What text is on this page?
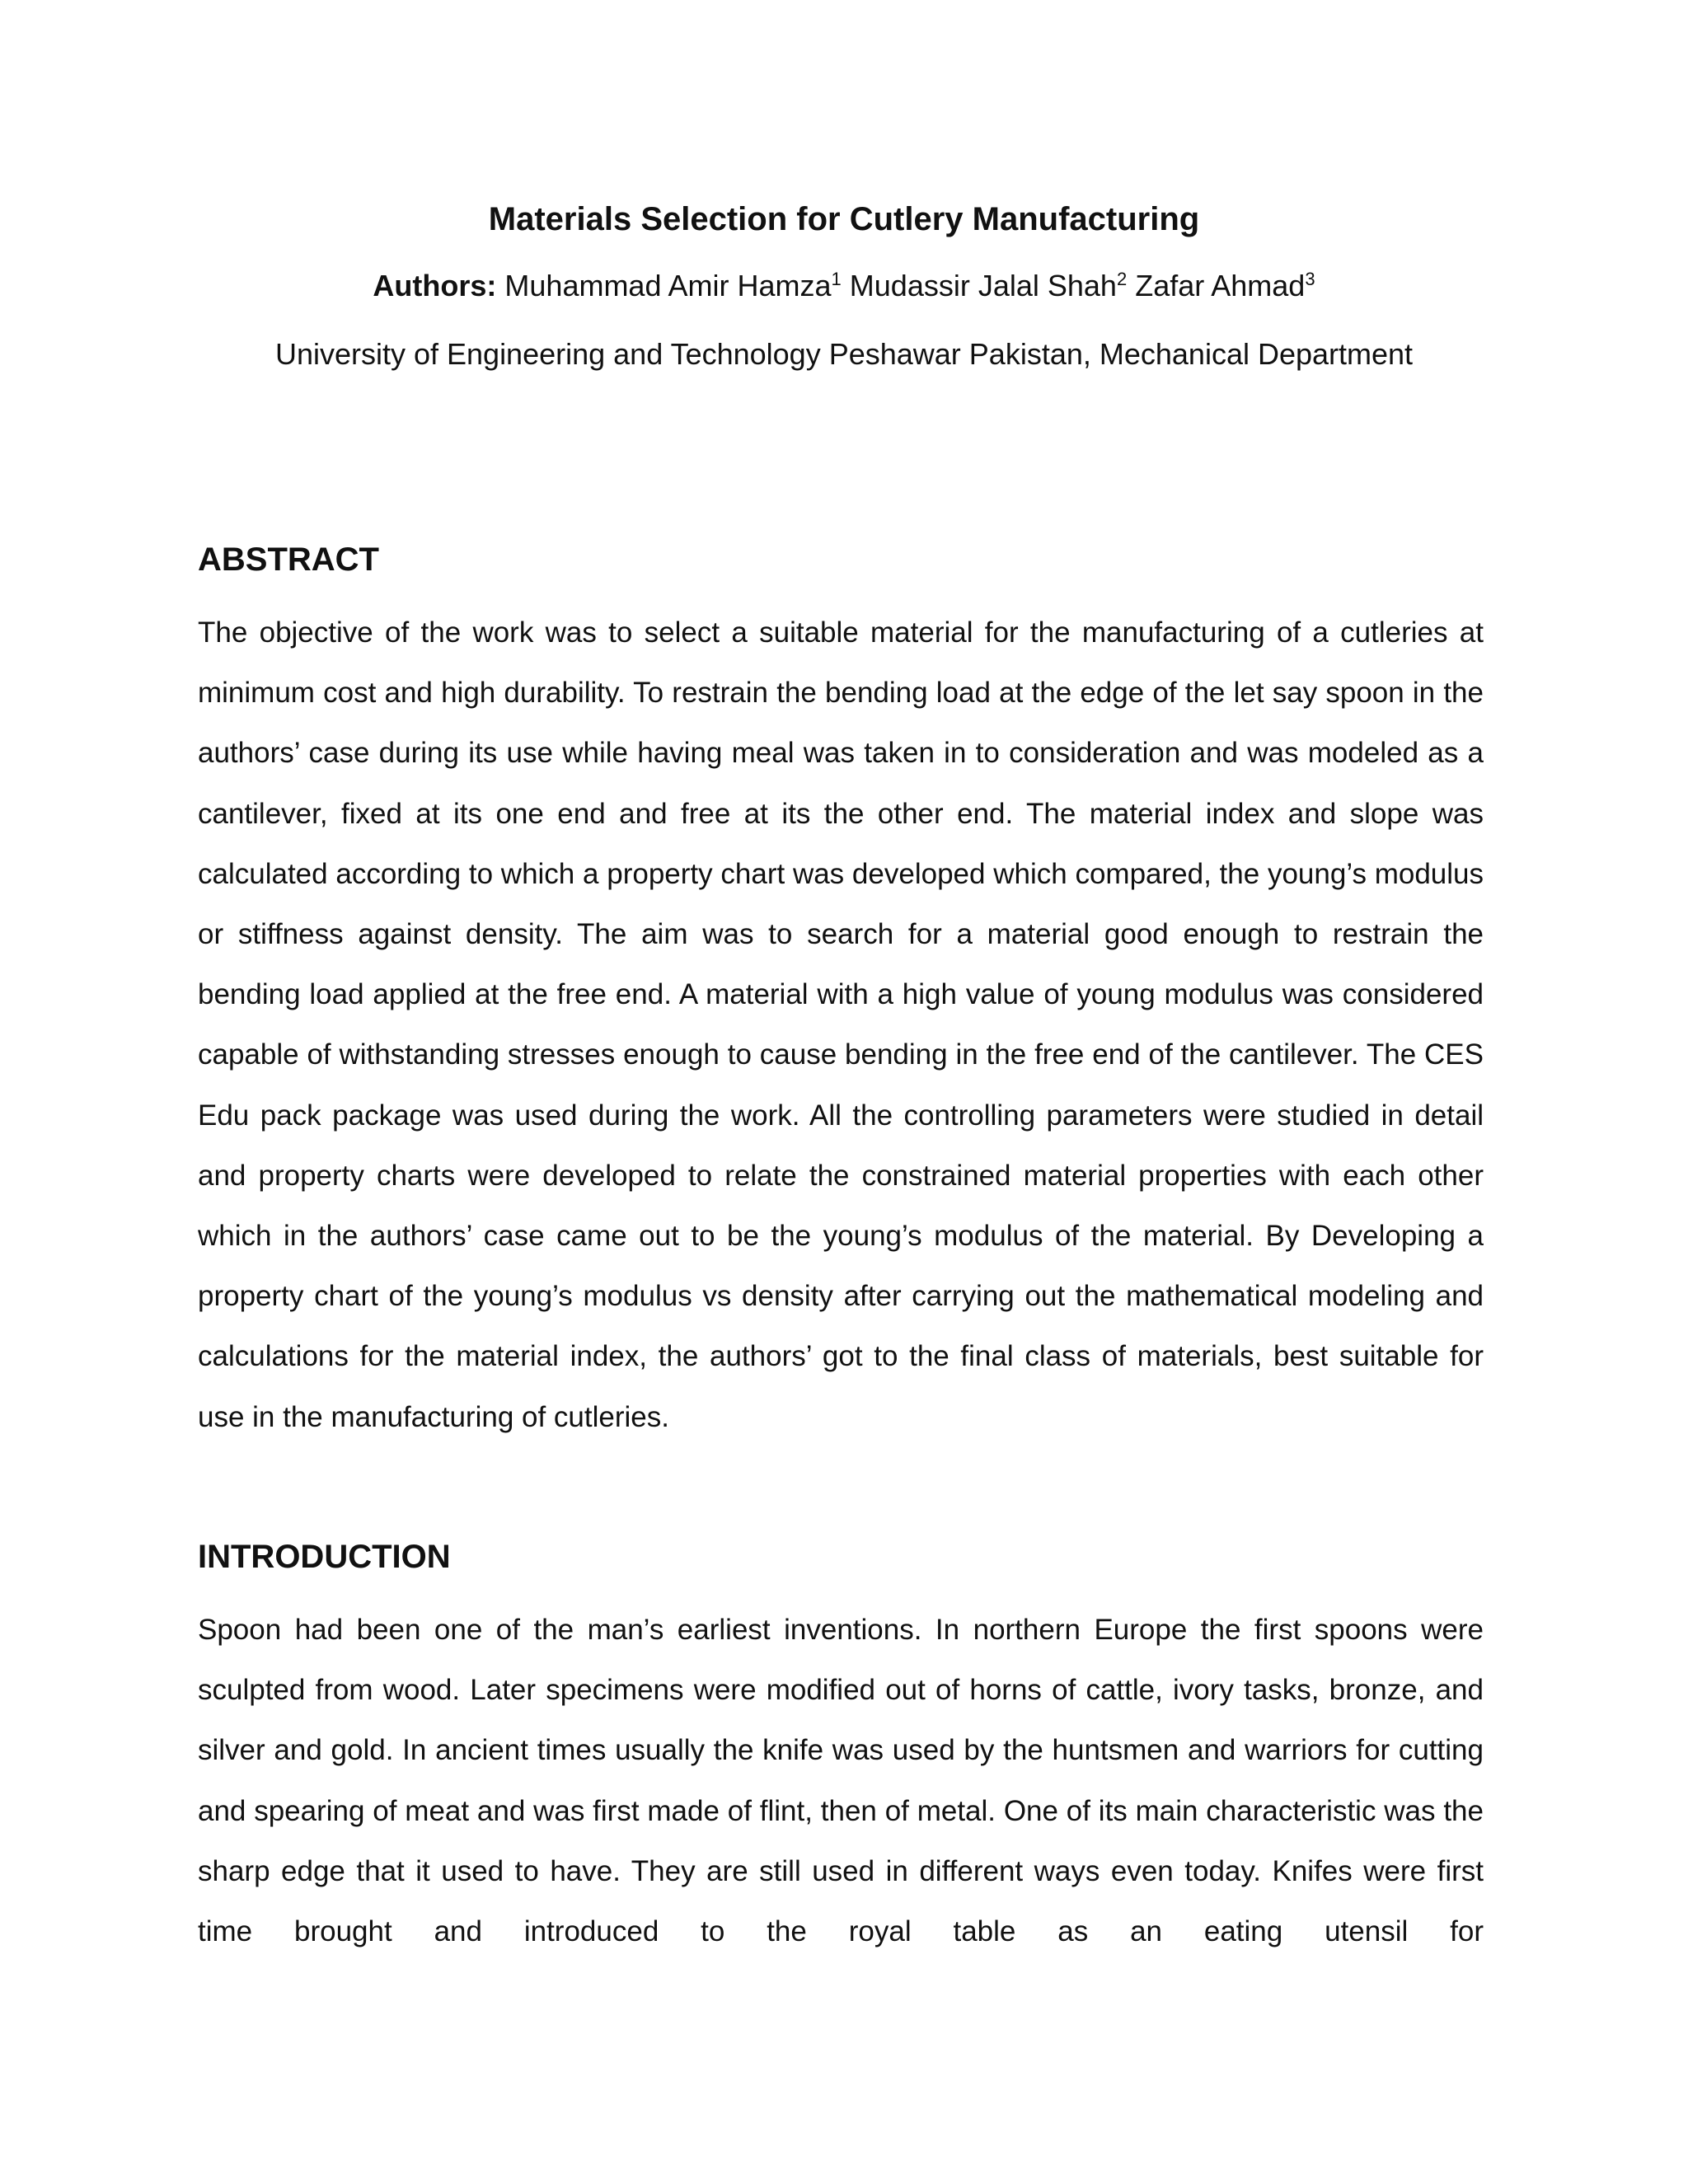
Materials Selection for Cutlery Manufacturing

Authors: Muhammad Amir Hamza$^1$ Mudassir Jalal Shah$^2$ Zafar Ahmad$^3$

University of Engineering and Technology Peshawar Pakistan, Mechanical Department

ABSTRACT

The objective of the work was to select a suitable material for the manufacturing of a cutleries at minimum cost and high durability. To restrain the bending load at the edge of the let say spoon in the authors’ case during its use while having meal was taken in to consideration and was modeled as a cantilever, fixed at its one end and free at its the other end. The material index and slope was calculated according to which a property chart was developed which compared, the young’s modulus or stiffness against density. The aim was to search for a material good enough to restrain the bending load applied at the free end. A material with a high value of young modulus was considered capable of withstanding stresses enough to cause bending in the free end of the cantilever. The CES Edu pack package was used during the work. All the controlling parameters were studied in detail and property charts were developed to relate the constrained material properties with each other which in the authors’ case came out to be the young’s modulus of the material. By Developing a property chart of the young’s modulus vs density after carrying out the mathematical modeling and calculations for the material index, the authors’ got to the final class of materials, best suitable for use in the manufacturing of cutleries.

INTRODUCTION

Spoon had been one of the man’s earliest inventions. In northern Europe the first spoons were sculpted from wood. Later specimens were modified out of horns of cattle, ivory tasks, bronze, and silver and gold. In ancient times usually the knife was used by the huntsmen and warriors for cutting and spearing of meat and was first made of flint, then of metal. One of its main characteristic was the sharp edge that it used to have. They are still used in different ways even today. Knifes were first time brought and introduced to the royal table as an eating utensil for
